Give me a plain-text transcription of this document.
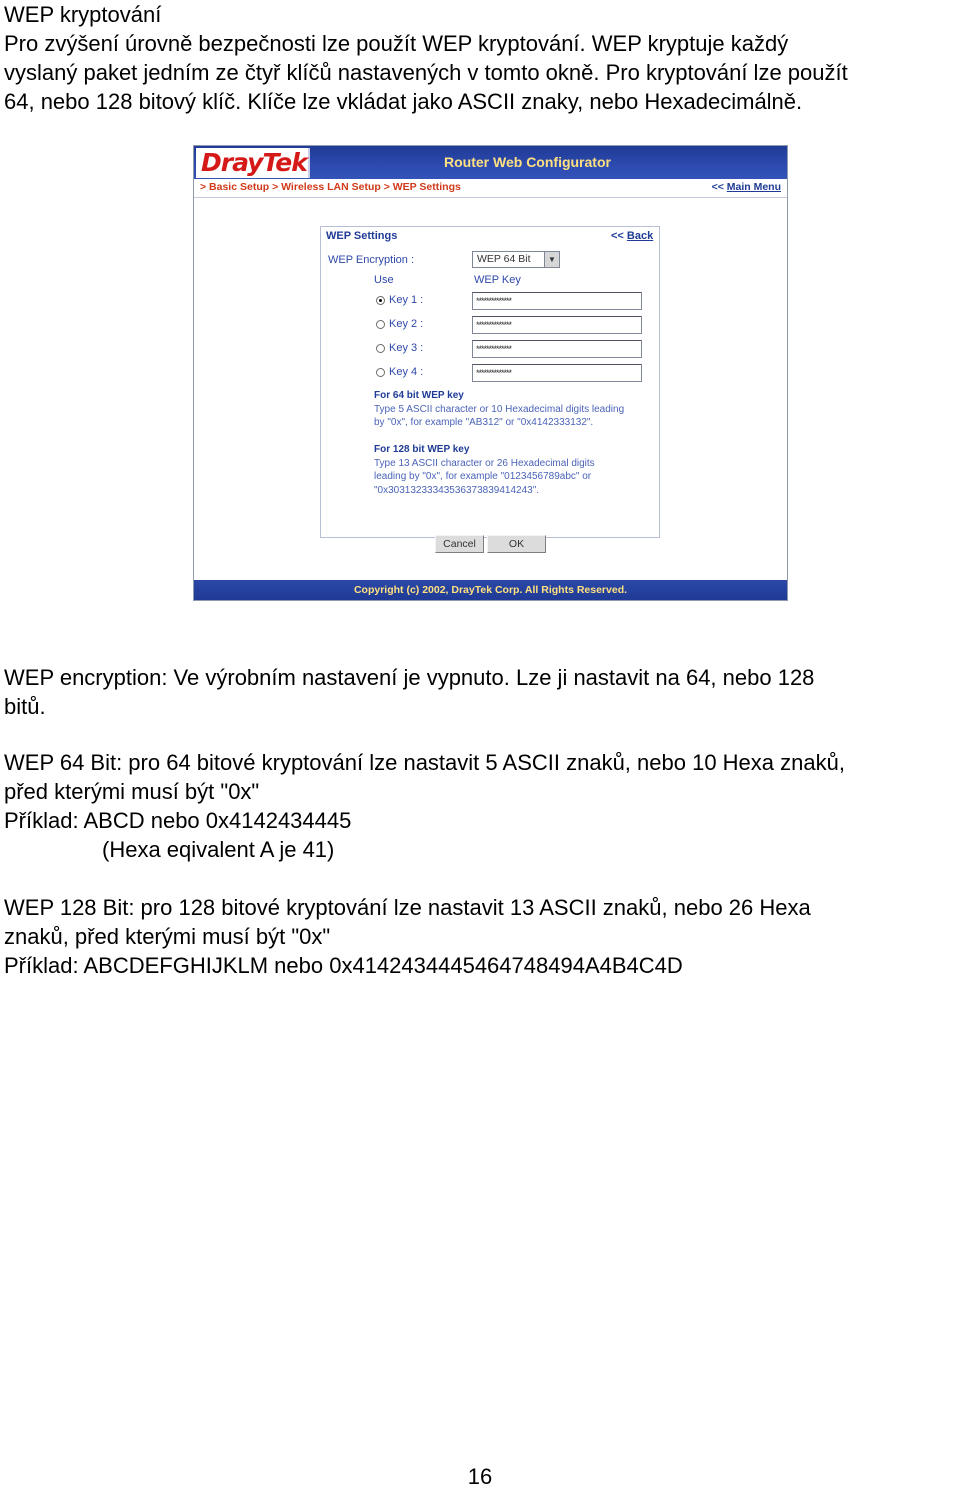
WEP kryptování
Pro zvýšení úrovně bezpečnosti lze použít WEP kryptování. WEP kryptuje každý
vyslaný paket jedním ze čtyř klíčů nastavených v tomto okně. Pro kryptování lze použít
64, nebo 128 bitový klíč. Klíče lze vkládat jako ASCII znaky, nebo Hexadecimálně.
DrayTek	Router Web Configurator
> Basic Setup > Wireless LAN Setup > WEP Settings	<< Main Menu
WEP Settings	<< Back
WEP Encryption :	WEP 64 Bit	▼
Use	WEP Key
Key 1 :	**************
Key 2 :	**************
Key 3 :	**************
Key 4 :	**************
For 64 bit WEP key
Type 5 ASCII character or 10 Hexadecimal digits leading
by "0x", for example "AB312" or "0x4142333132".
For 128 bit WEP key
Type 13 ASCII character or 26 Hexadecimal digits
leading by "0x", for example "0123456789abc" or
"0x30313233343536373839414243".
Cancel	OK
Copyright (c) 2002, DrayTek Corp. All Rights Reserved.
WEP encryption: Ve výrobním nastavení je vypnuto. Lze ji nastavit na 64, nebo 128
bitů.
WEP 64 Bit: pro 64 bitové kryptování lze nastavit 5 ASCII znaků, nebo 10 Hexa znaků,
před kterými musí být "0x"
Příklad: ABCD nebo 0x4142434445
(Hexa eqivalent A je 41)
WEP 128 Bit: pro 128 bitové kryptování lze nastavit 13 ASCII znaků, nebo 26 Hexa
znaků, před kterými musí být "0x"
Příklad: ABCDEFGHIJKLM nebo 0x4142434445464748494A4B4C4D
16
